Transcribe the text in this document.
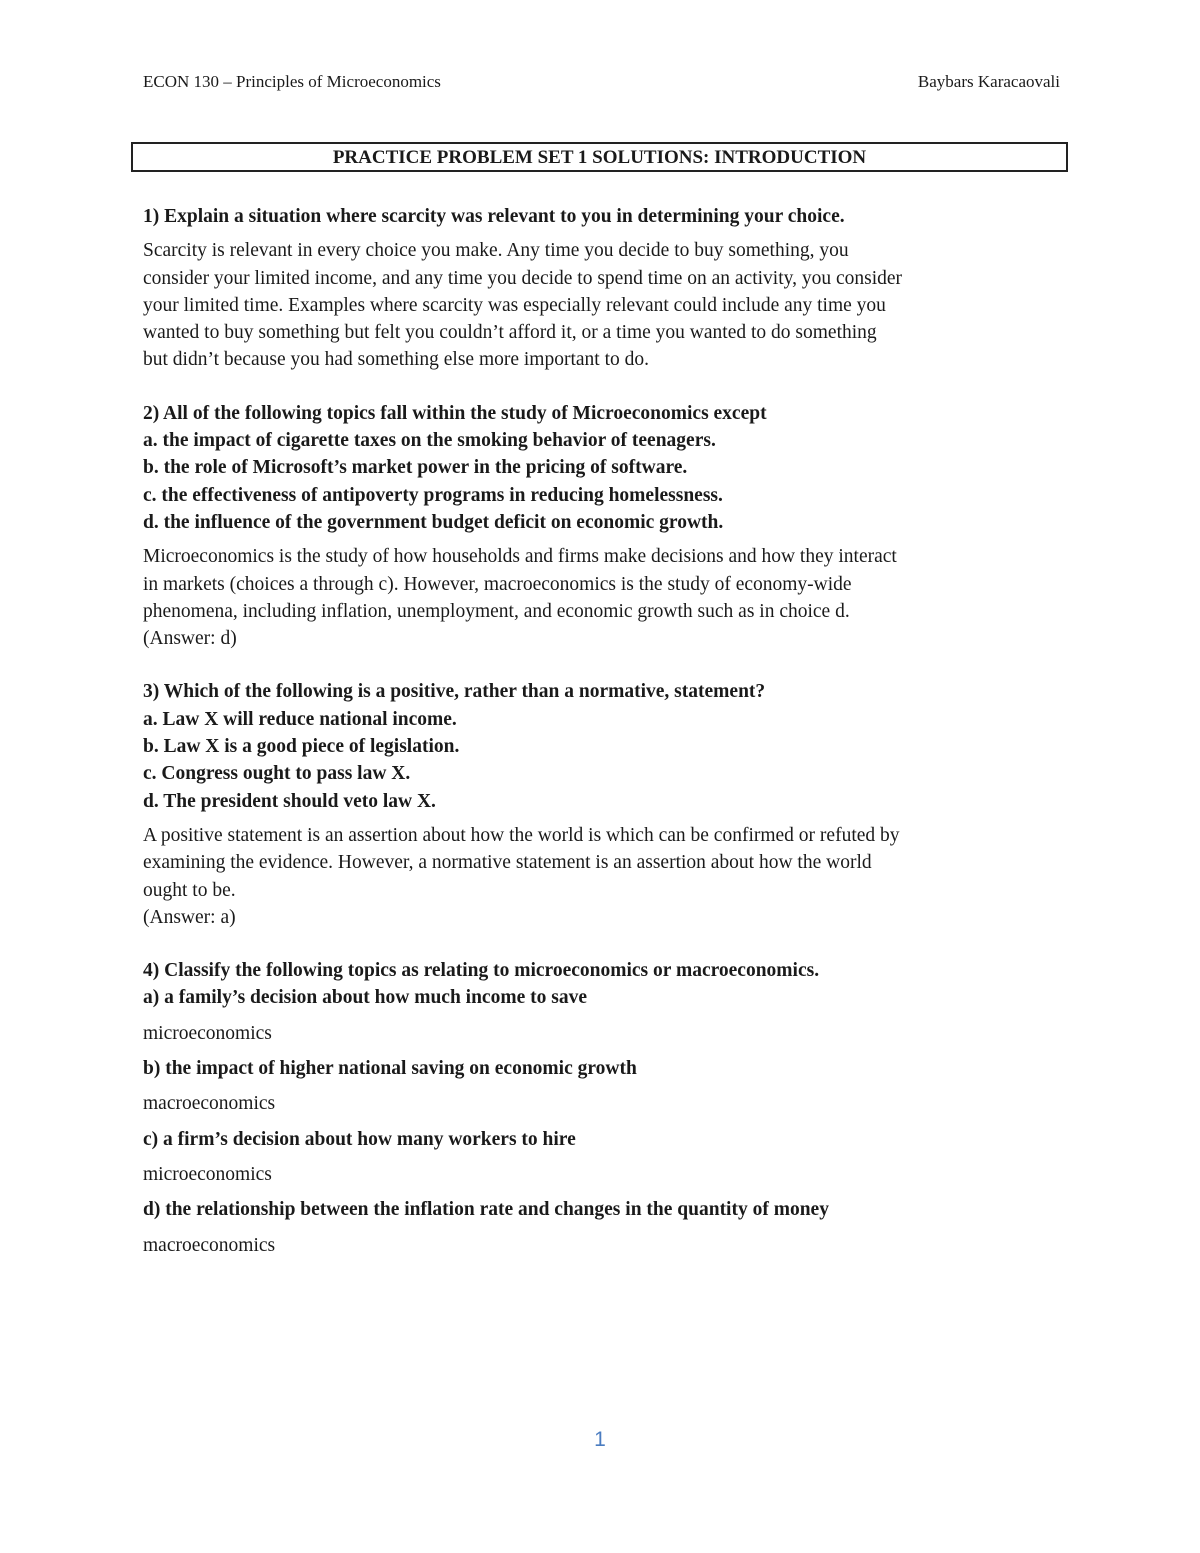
ECON 130 – Principles of Microeconomics	Baybars Karacaovali
PRACTICE PROBLEM SET 1 SOLUTIONS: INTRODUCTION

1) Explain a situation where scarcity was relevant to you in determining your choice.

Scarcity is relevant in every choice you make. Any time you decide to buy something, you

consider your limited income, and any time you decide to spend time on an activity, you consider

your limited time. Examples where scarcity was especially relevant could include any time you

wanted to buy something but felt you couldn’t afford it, or a time you wanted to do something

but didn’t because you had something else more important to do.

2) All of the following topics fall within the study of Microeconomics except

a. the impact of cigarette taxes on the smoking behavior of teenagers.

b. the role of Microsoft’s market power in the pricing of software.

c. the effectiveness of antipoverty programs in reducing homelessness.

d. the influence of the government budget deficit on economic growth.

Microeconomics is the study of how households and firms make decisions and how they interact

in markets (choices a through c). However, macroeconomics is the study of economy-wide

phenomena, including inflation, unemployment, and economic growth such as in choice d.

(Answer: d)

3) Which of the following is a positive, rather than a normative, statement?

a. Law X will reduce national income.

b. Law X is a good piece of legislation.

c. Congress ought to pass law X.

d. The president should veto law X.

A positive statement is an assertion about how the world is which can be confirmed or refuted by

examining the evidence. However, a normative statement is an assertion about how the world

ought to be.

(Answer: a)

4) Classify the following topics as relating to microeconomics or macroeconomics.

a) a family’s decision about how much income to save

microeconomics

b) the impact of higher national saving on economic growth

macroeconomics

c) a firm’s decision about how many workers to hire

microeconomics

d) the relationship between the inflation rate and changes in the quantity of money

macroeconomics

1
